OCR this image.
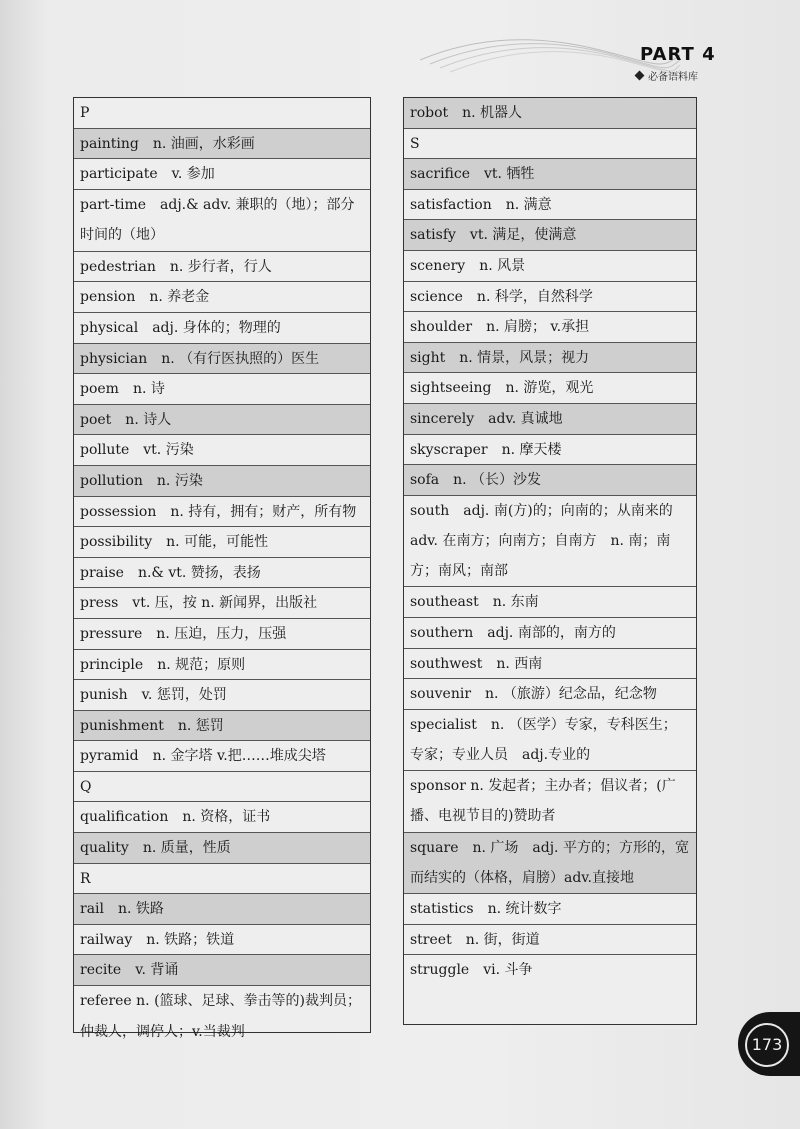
PART 4
必备语料库
P
painting　n. 油画，水彩画
participate　v. 参加
part-time　adj.& adv. 兼职的（地）；部分时间的（地）
pedestrian　n. 步行者，行人
pension　n. 养老金
physical　adj. 身体的；物理的
physician　n. （有行医执照的）医生
poem　n. 诗
poet　n. 诗人
pollute　vt. 污染
pollution　n. 污染
possession　n. 持有，拥有；财产，所有物
possibility　n. 可能，可能性
praise　n.& vt. 赞扬，表扬
press　vt. 压，按 n. 新闻界，出版社
pressure　n. 压迫，压力，压强
principle　n. 规范；原则
punish　v. 惩罚，处罚
punishment　n. 惩罚
pyramid　n. 金字塔 v.把……堆成尖塔
Q
qualification　n. 资格，证书
quality　n. 质量，性质
R
rail　n. 铁路
railway　n. 铁路；铁道
recite　v. 背诵
referee n. (篮球、足球、拳击等的)裁判员；仲裁人，调停人；v.当裁判
robot　n. 机器人
S
sacrifice　vt. 牺牲
satisfaction　n. 满意
satisfy　vt. 满足，使满意
scenery　n. 风景
science　n. 科学，自然科学
shoulder　n. 肩膀； v.承担
sight　n. 情景，风景；视力
sightseeing　n. 游览，观光
sincerely　adv. 真诚地
skyscraper　n. 摩天楼
sofa　n. （长）沙发
south　adj. 南(方)的；向南的；从南来的　adv. 在南方；向南方；自南方　n. 南；南方；南风；南部
southeast　n. 东南
southern　adj. 南部的，南方的
southwest　n. 西南
souvenir　n. （旅游）纪念品，纪念物
specialist　n. （医学）专家，专科医生；专家；专业人员　adj.专业的
sponsor n. 发起者；主办者；倡议者；(广播、电视节目的)赞助者
square　n. 广场　adj. 平方的；方形的，宽而结实的（体格，肩膀）adv.直接地
statistics　n. 统计数字
street　n. 街，街道
struggle　vi. 斗争
173
